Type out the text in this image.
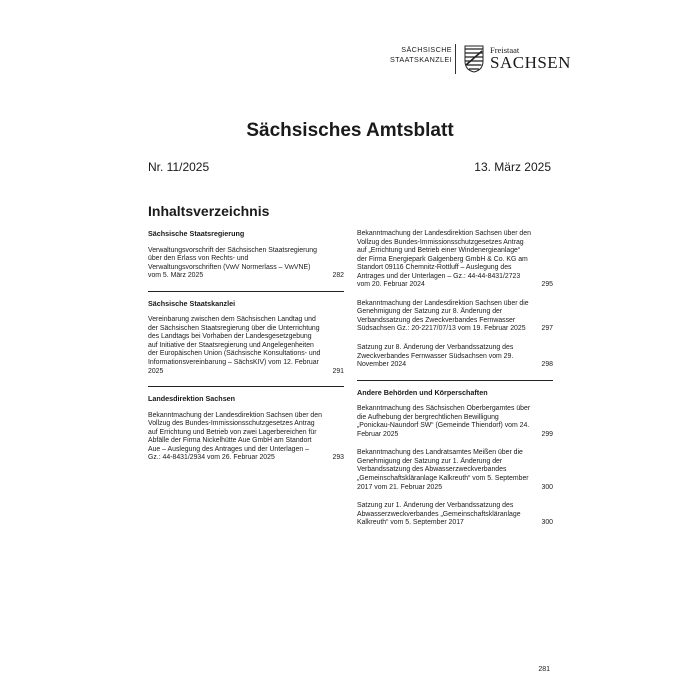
SÄCHSISCHE
STAATSKANZLEI
Freistaat
SACHSEN
Sächsisches Amtsblatt
Nr. 11/2025	13. März 2025
Inhaltsverzeichnis
Sächsische Staatsregierung
Verwaltungsvorschrift der Sächsischen Staatsregierung über den Erlass von Rechts- und Verwaltungsvorschriften (VwV Normerlass – VwVNE) vom 5. März 2025	282
Sächsische Staatskanzlei
Vereinbarung zwischen dem Sächsischen Landtag und der Sächsischen Staatsregierung über die Unterrichtung des Landtags bei Vorhaben der Landesgesetzgebung auf Initiative der Staatsregierung und Angelegenheiten der Europäischen Union (Sächsische Konsultations- und Informationsvereinbarung – SächsKIV) vom 12. Februar 2025	291
Landesdirektion Sachsen
Bekanntmachung der Landesdirektion Sachsen über den Vollzug des Bundes-Immissionsschutzgesetzes Antrag auf Errichtung und Betrieb von zwei Lagerbereichen für Abfälle der Firma Nickelhütte Aue GmbH am Standort Aue – Auslegung des Antrages und der Unterlagen – Gz.: 44-8431/2934 vom 26. Februar 2025	293
Bekanntmachung der Landesdirektion Sachsen über den Vollzug des Bundes-Immissionsschutzgesetzes Antrag auf „Errichtung und Betrieb einer Windenergieanlage“ der Firma Energiepark Galgenberg GmbH & Co. KG am Standort 09116 Chemnitz-Rottluff – Auslegung des Antrages und der Unterlagen – Gz.: 44-44-8431/2723 vom 20. Februar 2024	295
Bekanntmachung der Landesdirektion Sachsen über die Genehmigung der Satzung zur 8. Änderung der Verbandssatzung des Zweckverbandes Fernwasser Südsachsen Gz.: 20-2217/07/13 vom 19. Februar 2025	297
Satzung zur 8. Änderung der Verbandssatzung des Zweckverbandes Fernwasser Südsachsen vom 29. November 2024	298
Andere Behörden und Körperschaften
Bekanntmachung des Sächsischen Oberbergamtes über die Aufhebung der bergrechtlichen Bewilligung „Ponickau-Naundorf SW“ (Gemeinde Thiendorf) vom 24. Februar 2025	299
Bekanntmachung des Landratsamtes Meißen über die Genehmigung der Satzung zur 1. Änderung der Verbandssatzung des Abwasserzweckverbandes „Gemeinschaftskläranlage Kalkreuth“ vom 5. September 2017 vom 21. Februar 2025	300
Satzung zur 1. Änderung der Verbandssatzung des Abwasserzweckverbandes „Gemeinschaftskläranlage Kalkreuth“ vom 5. September 2017	300
281
